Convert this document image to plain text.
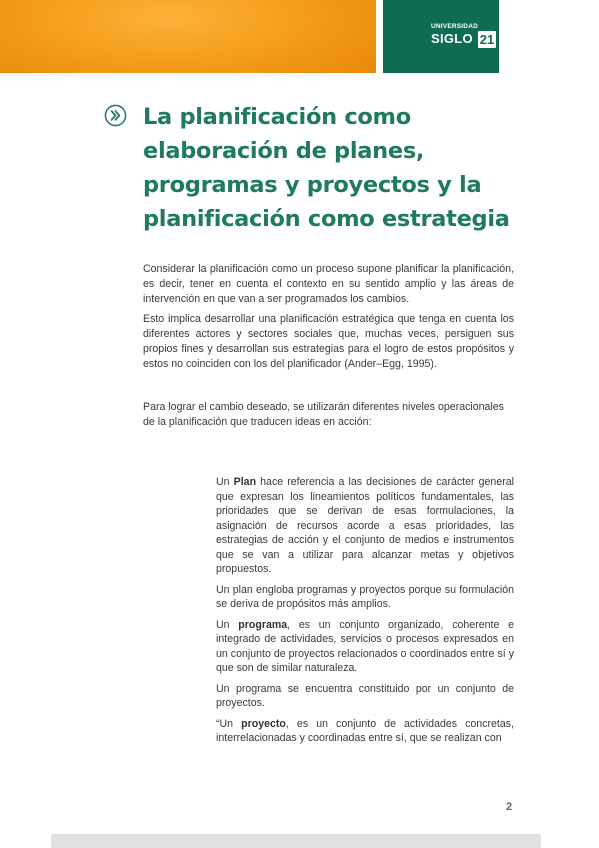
UNIVERSIDAD
SIGLO 21
La planificación como elaboración de planes, programas y proyectos y la planificación como estrategia

Considerar la planificación como un proceso supone planificar la planificación, es decir, tener en cuenta el contexto en su sentido amplio y las áreas de intervención en que van a ser programados los cambios.

Esto implica desarrollar una planificación estratégica que tenga en cuenta los diferentes actores y sectores sociales que, muchas veces, persiguen sus propios fines y desarrollan sus estrategias para el logro de estos propósitos y estos no coinciden con los del planificador (Ander–Egg, 1995).

Para lograr el cambio deseado, se utilizarán diferentes niveles operacionales de la planificación que traducen ideas en acción:

Un Plan hace referencia a las decisiones de carácter general que expresan los lineamientos políticos fundamentales, las prioridades que se derivan de esas formulaciones, la asignación de recursos acorde a esas prioridades, las estrategias de acción y el conjunto de medios e instrumentos que se van a utilizar para alcanzar metas y objetivos propuestos.

Un plan engloba programas y proyectos porque su formulación se deriva de propósitos más amplios.

Un programa, es un conjunto organizado, coherente e integrado de actividades, servicios o procesos expresados en un conjunto de proyectos relacionados o coordinados entre sí y que son de similar naturaleza.

Un programa se encuentra constituido por un conjunto de proyectos.

“Un proyecto, es un conjunto de actividades concretas, interrelacionadas y coordinadas entre sí, que se realizan con

2
